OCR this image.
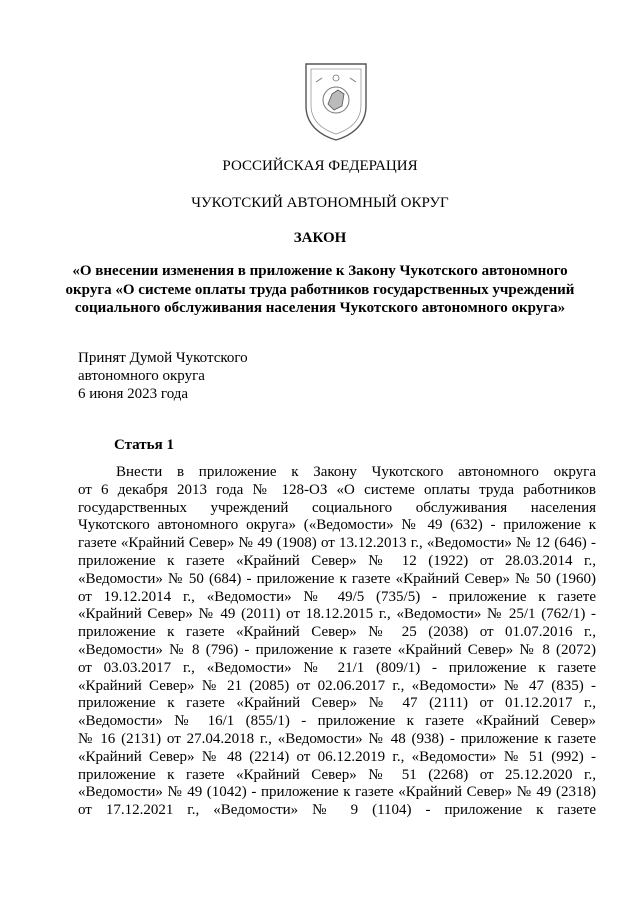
РОССИЙСКАЯ ФЕДЕРАЦИЯ
ЧУКОТСКИЙ АВТОНОМНЫЙ ОКРУГ
ЗАКОН
«О внесении изменения в приложение к Закону Чукотского автономного
округа «О системе оплаты труда работников государственных учреждений
социального обслуживания населения Чукотского автономного округа»
Принят Думой Чукотского
автономного округа
6 июня 2023 года
Статья 1
Внести в приложение к Закону Чукотского автономного округа
от 6 декабря 2013 года № 128-ОЗ «О системе оплаты труда работников
государственных учреждений социального обслуживания населения
Чукотского автономного округа» («Ведомости» № 49 (632) - приложение к
газете «Крайний Север» № 49 (1908) от 13.12.2013 г., «Ведомости» № 12 (646) -
приложение к газете «Крайний Север» № 12 (1922) от 28.03.2014 г.,
«Ведомости» № 50 (684) - приложение к газете «Крайний Север» № 50 (1960)
от 19.12.2014 г., «Ведомости» № 49/5 (735/5) - приложение к газете
«Крайний Север» № 49 (2011) от 18.12.2015 г., «Ведомости» № 25/1 (762/1) -
приложение к газете «Крайний Север» № 25 (2038) от 01.07.2016 г.,
«Ведомости» № 8 (796) - приложение к газете «Крайний Север» № 8 (2072)
от 03.03.2017 г., «Ведомости» № 21/1 (809/1) - приложение к газете
«Крайний Север» № 21 (2085) от 02.06.2017 г., «Ведомости» № 47 (835) -
приложение к газете «Крайний Север» № 47 (2111) от 01.12.2017 г.,
«Ведомости» № 16/1 (855/1) - приложение к газете «Крайний Север»
№ 16 (2131) от 27.04.2018 г., «Ведомости» № 48 (938) - приложение к газете
«Крайний Север» № 48 (2214) от 06.12.2019 г., «Ведомости» № 51 (992) -
приложение к газете «Крайний Север» № 51 (2268) от 25.12.2020 г.,
«Ведомости» № 49 (1042) - приложение к газете «Крайний Север» № 49 (2318)
от 17.12.2021 г., «Ведомости» № 9 (1104) - приложение к газете
